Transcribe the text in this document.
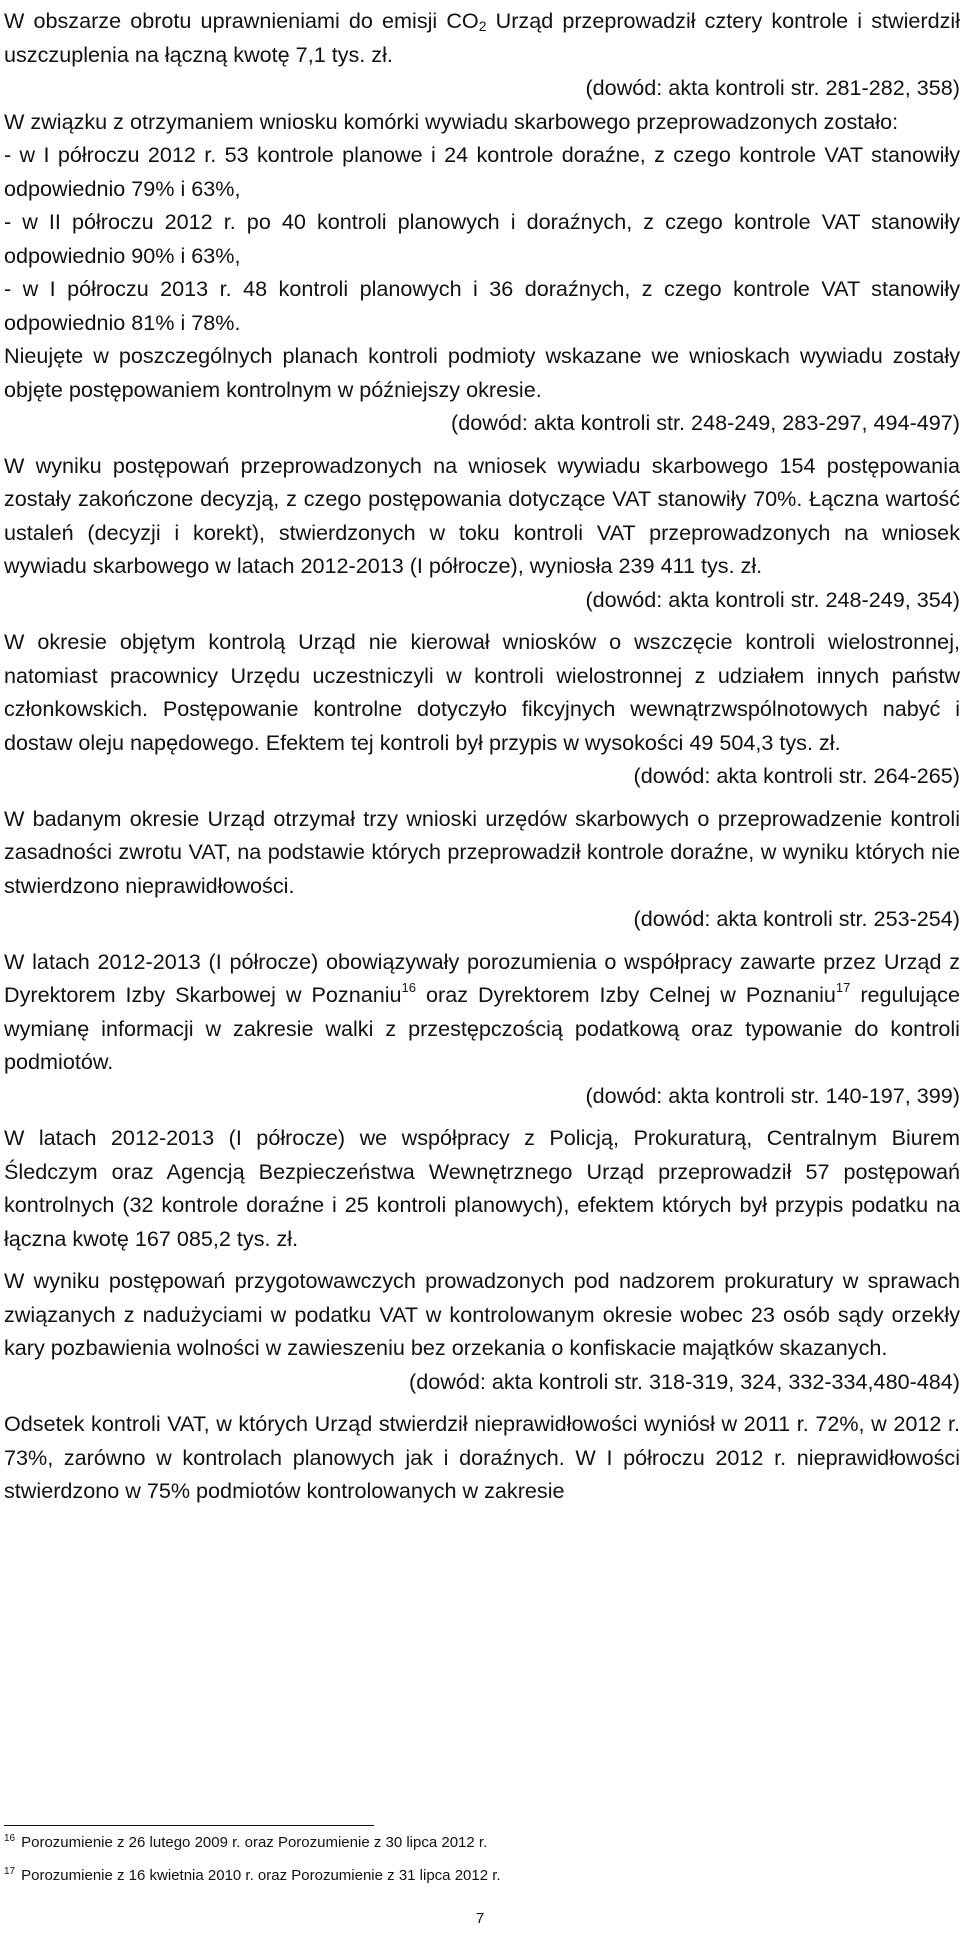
W obszarze obrotu uprawnieniami do emisji $CO_2$ Urząd przeprowadził cztery kontrole i stwierdził uszczuplenia na łączną kwotę 7,1 tys. zł.

(dowód: akta kontroli str. 281-282, 358)

W związku z otrzymaniem wniosku komórki wywiadu skarbowego przeprowadzonych zostało:

- w I półroczu 2012 r. 53 kontrole planowe i 24 kontrole doraźne, z czego kontrole VAT stanowiły odpowiednio 79% i 63%,

- w II półroczu 2012 r. po 40 kontroli planowych i doraźnych, z czego kontrole VAT stanowiły odpowiednio 90% i 63%,

- w I półroczu 2013 r. 48 kontroli planowych i 36 doraźnych, z czego kontrole VAT stanowiły odpowiednio 81% i 78%.

Nieujęte w poszczególnych planach kontroli podmioty wskazane we wnioskach wywiadu zostały objęte postępowaniem kontrolnym w późniejszy okresie.

(dowód: akta kontroli str. 248-249, 283-297, 494-497)

W wyniku postępowań przeprowadzonych na wniosek wywiadu skarbowego 154 postępowania zostały zakończone decyzją, z czego postępowania dotyczące VAT stanowiły 70%. Łączna wartość ustaleń (decyzji i korekt), stwierdzonych w toku kontroli VAT przeprowadzonych na wniosek wywiadu skarbowego w latach 2012-2013 (I półrocze), wyniosła 239 411 tys. zł.

(dowód: akta kontroli str. 248-249, 354)

W okresie objętym kontrolą Urząd nie kierował wniosków o wszczęcie kontroli wielostronnej, natomiast pracownicy Urzędu uczestniczyli w kontroli wielostronnej z udziałem innych państw członkowskich. Postępowanie kontrolne dotyczyło fikcyjnych wewnątrzwspólnotowych nabyć i dostaw oleju napędowego. Efektem tej kontroli był przypis w wysokości 49 504,3 tys. zł.

(dowód: akta kontroli str. 264-265)

W badanym okresie Urząd otrzymał trzy wnioski urzędów skarbowych o przeprowadzenie kontroli zasadności zwrotu VAT, na podstawie których przeprowadził kontrole doraźne, w wyniku których nie stwierdzono nieprawidłowości.

(dowód: akta kontroli str. 253-254)

W latach 2012-2013 (I półrocze) obowiązywały porozumienia o współpracy zawarte przez Urząd z Dyrektorem Izby Skarbowej w Poznaniu$^{16}$ oraz Dyrektorem Izby Celnej w Poznaniu$^{17}$ regulujące wymianę informacji w zakresie walki z przestępczością podatkową oraz typowanie do kontroli podmiotów.

(dowód: akta kontroli str. 140-197, 399)

W latach 2012-2013 (I półrocze) we współpracy z Policją, Prokuraturą, Centralnym Biurem Śledczym oraz Agencją Bezpieczeństwa Wewnętrznego Urząd przeprowadził 57 postępowań kontrolnych (32 kontrole doraźne i 25 kontroli planowych), efektem których był przypis podatku na łączna kwotę 167 085,2 tys. zł.

W wyniku postępowań przygotowawczych prowadzonych pod nadzorem prokuratury w sprawach związanych z nadużyciami w podatku VAT w kontrolowanym okresie wobec 23 osób sądy orzekły kary pozbawienia wolności w zawieszeniu bez orzekania o konfiskacie majątków skazanych.

(dowód: akta kontroli str. 318-319, 324, 332-334,480-484)

Odsetek kontroli VAT, w których Urząd stwierdził nieprawidłowości wyniósł w 2011 r. 72%, w 2012 r. 73%, zarówno w kontrolach planowych jak i doraźnych. W I półroczu 2012 r. nieprawidłowości stwierdzono w 75% podmiotów kontrolowanych w zakresie

$^{16}$ Porozumienie z 26 lutego 2009 r. oraz Porozumienie z 30 lipca 2012 r.

$^{17}$ Porozumienie z 16 kwietnia 2010 r. oraz Porozumienie z 31 lipca 2012 r.

7
